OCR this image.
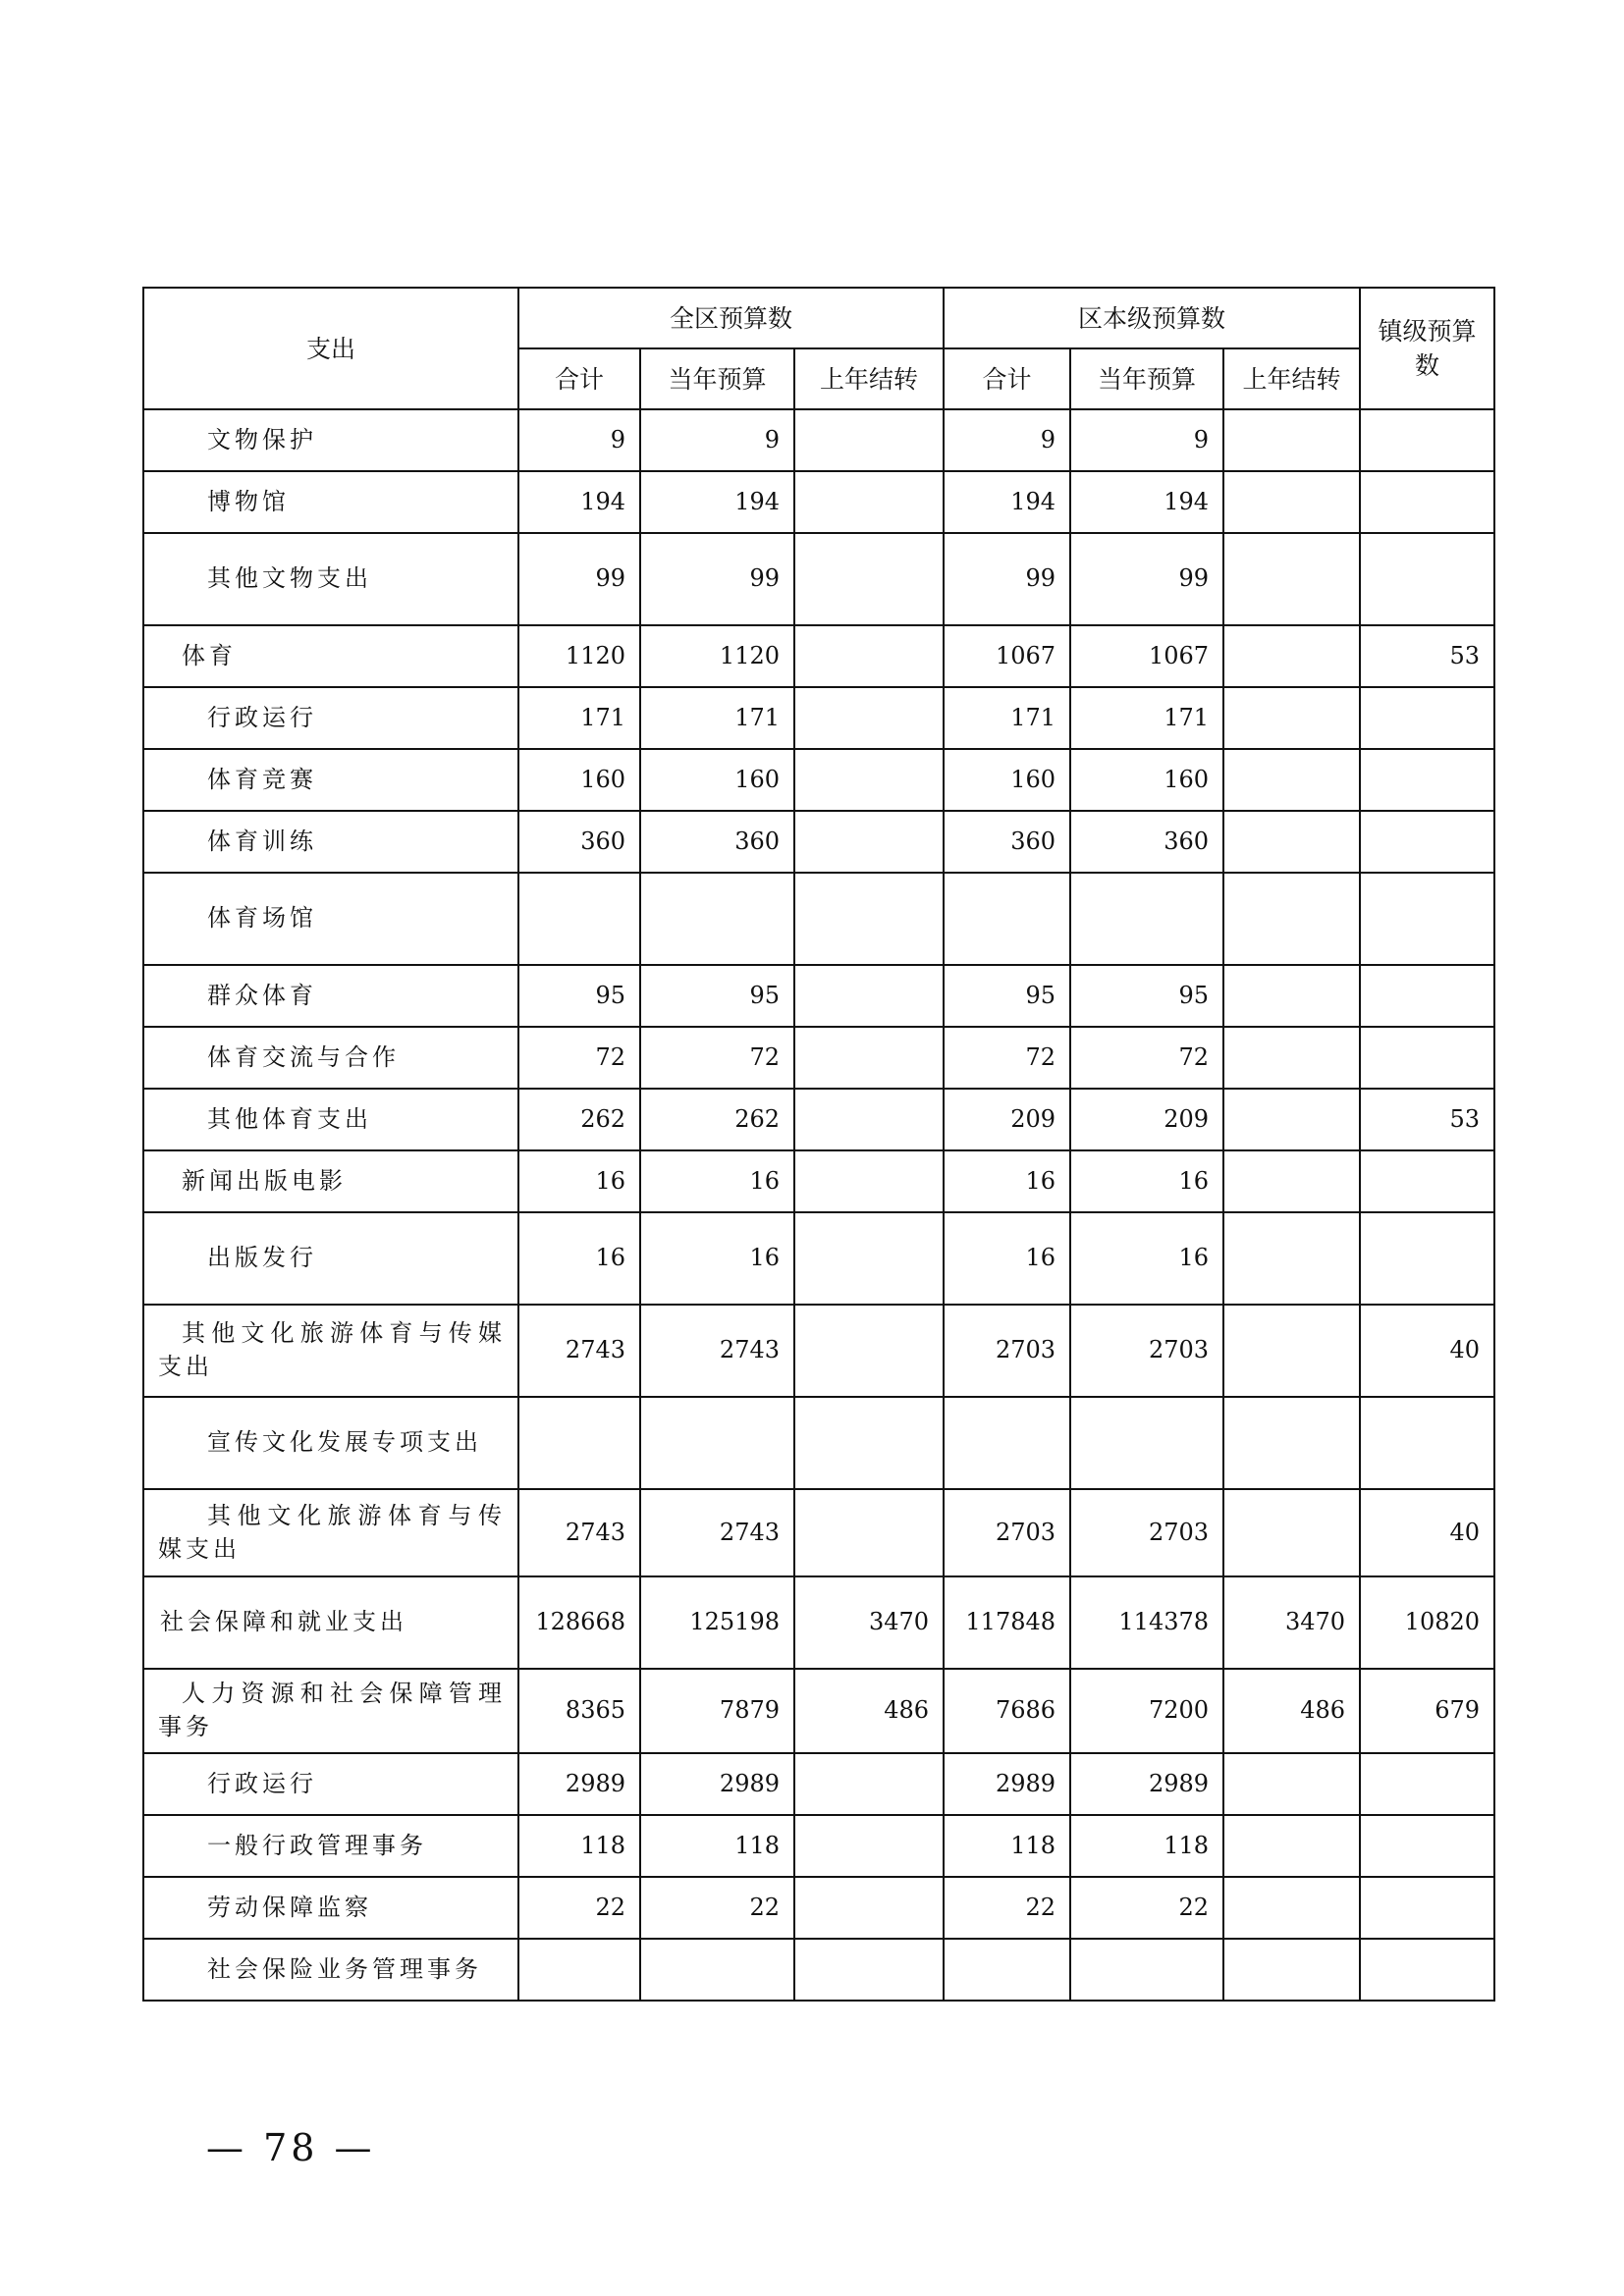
支出	全区预算数			区本级预算数			镇级预算数
	合计	当年预算	上年结转	合计	当年预算	上年结转	
文物保护	9	9		9	9		
博物馆	194	194		194	194		
其他文物支出	99	99		99	99		
体育	1120	1120		1067	1067		53
行政运行	171	171		171	171		
体育竞赛	160	160		160	160		
体育训练	360	360		360	360		
体育场馆							
群众体育	95	95		95	95		
体育交流与合作	72	72		72	72		
其他体育支出	262	262		209	209		53
新闻出版电影	16	16		16	16		
出版发行	16	16		16	16		
其他文化旅游体育与传媒支出	2743	2743		2703	2703		40
宣传文化发展专项支出							
其他文化旅游体育与传媒支出	2743	2743		2703	2703		40
社会保障和就业支出	128668	125198	3470	117848	114378	3470	10820
人力资源和社会保障管理事务	8365	7879	486	7686	7200	486	679
行政运行	2989	2989		2989	2989		
一般行政管理事务	118	118		118	118		
劳动保障监察	22	22		22	22		
社会保险业务管理事务							
— 78 —
